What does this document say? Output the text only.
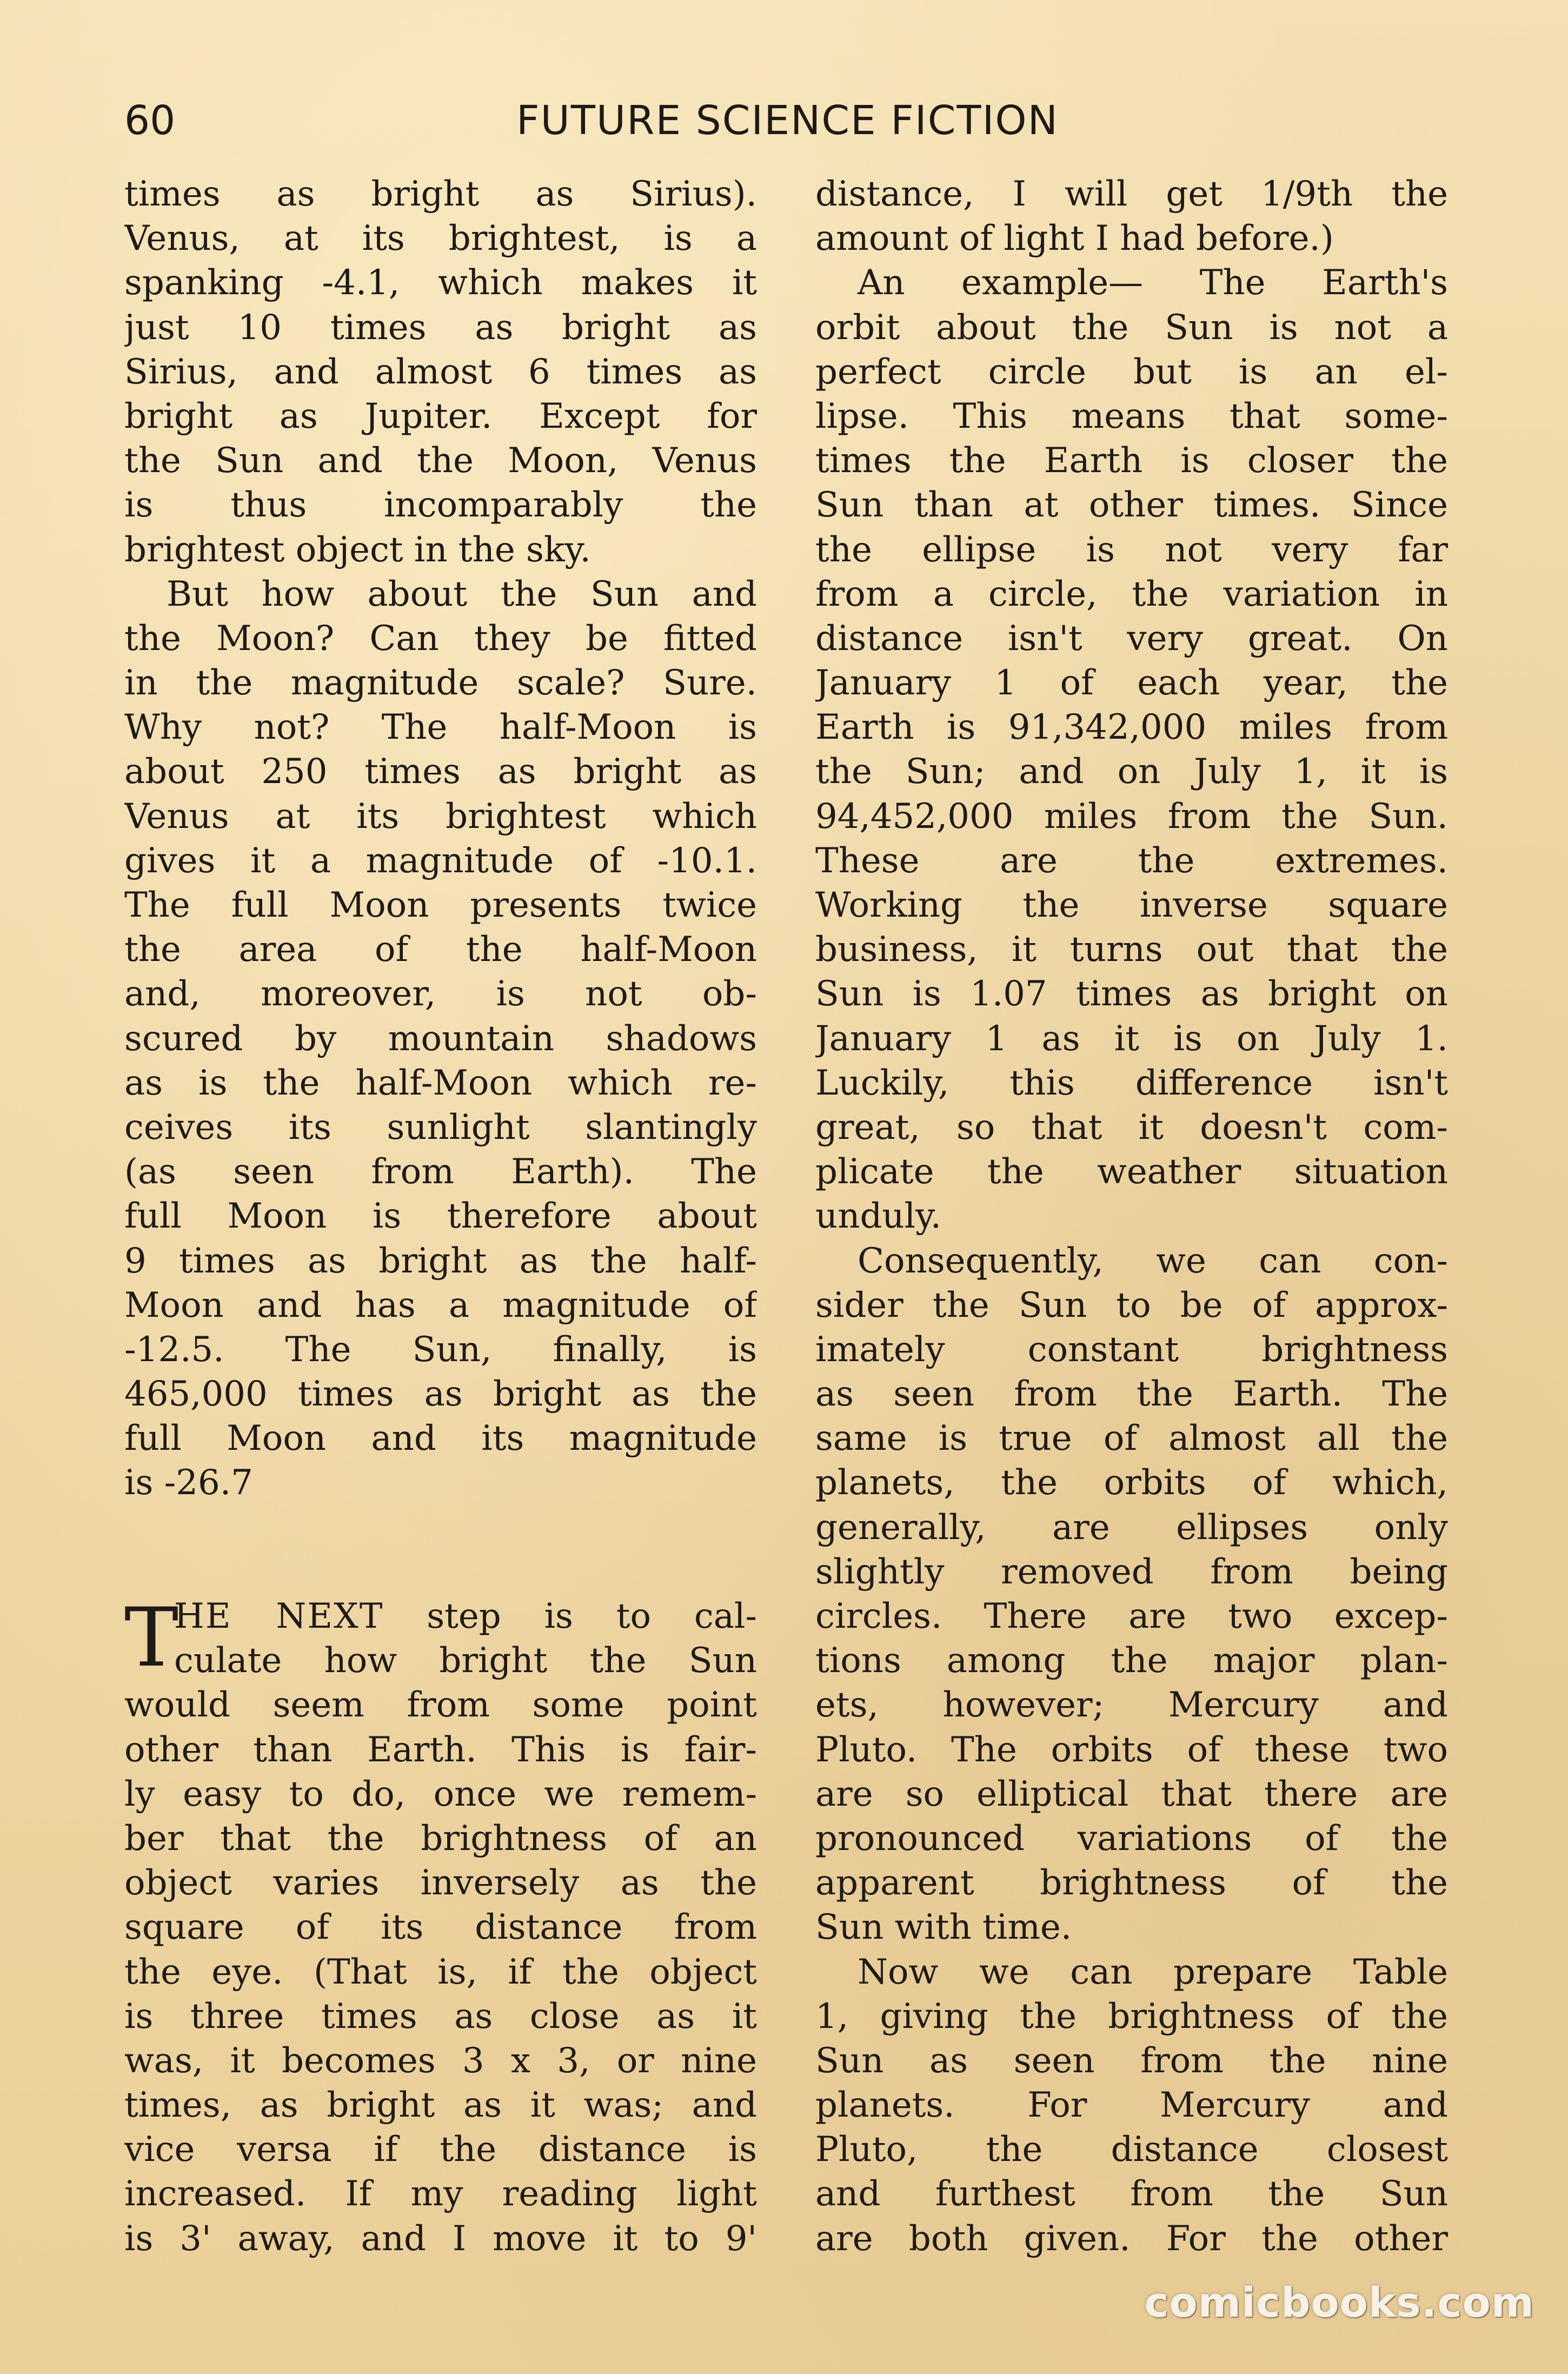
60	FUTURE SCIENCE FICTION
times as bright as Sirius).
Venus, at its brightest, is a
spanking -4.1, which makes it
just 10 times as bright as
Sirius, and almost 6 times as
bright as Jupiter. Except for
the Sun and the Moon, Venus
is thus incomparably the
brightest object in the sky.
But how about the Sun and
the Moon? Can they be fitted
in the magnitude scale? Sure.
Why not? The half-Moon is
about 250 times as bright as
Venus at its brightest which
gives it a magnitude of -10.1.
The full Moon presents twice
the area of the half-Moon
and, moreover, is not ob-
scured by mountain shadows
as is the half-Moon which re-
ceives its sunlight slantingly
(as seen from Earth). The
full Moon is therefore about
9 times as bright as the half-
Moon and has a magnitude of
-12.5. The Sun, finally, is
465,000 times as bright as the
full Moon and its magnitude
is -26.7
T
HE NEXT step is to cal-
culate how bright the Sun
would seem from some point
other than Earth. This is fair-
ly easy to do, once we remem-
ber that the brightness of an
object varies inversely as the
square of its distance from
the eye. (That is, if the object
is three times as close as it
was, it becomes 3 x 3, or nine
times, as bright as it was; and
vice versa if the distance is
increased. If my reading light
is 3' away, and I move it to 9'
distance, I will get 1/9th the
amount of light I had before.)
An example— The Earth's
orbit about the Sun is not a
perfect circle but is an el-
lipse. This means that some-
times the Earth is closer the
Sun than at other times. Since
the ellipse is not very far
from a circle, the variation in
distance isn't very great. On
January 1 of each year, the
Earth is 91,342,000 miles from
the Sun; and on July 1, it is
94,452,000 miles from the Sun.
These are the extremes.
Working the inverse square
business, it turns out that the
Sun is 1.07 times as bright on
January 1 as it is on July 1.
Luckily, this difference isn't
great, so that it doesn't com-
plicate the weather situation
unduly.
Consequently, we can con-
sider the Sun to be of approx-
imately constant brightness
as seen from the Earth. The
same is true of almost all the
planets, the orbits of which,
generally, are ellipses only
slightly removed from being
circles. There are two excep-
tions among the major plan-
ets, however; Mercury and
Pluto. The orbits of these two
are so elliptical that there are
pronounced variations of the
apparent brightness of the
Sun with time.
Now we can prepare Table
1, giving the brightness of the
Sun as seen from the nine
planets. For Mercury and
Pluto, the distance closest
and furthest from the Sun
are both given. For the other
comicbooks.com
